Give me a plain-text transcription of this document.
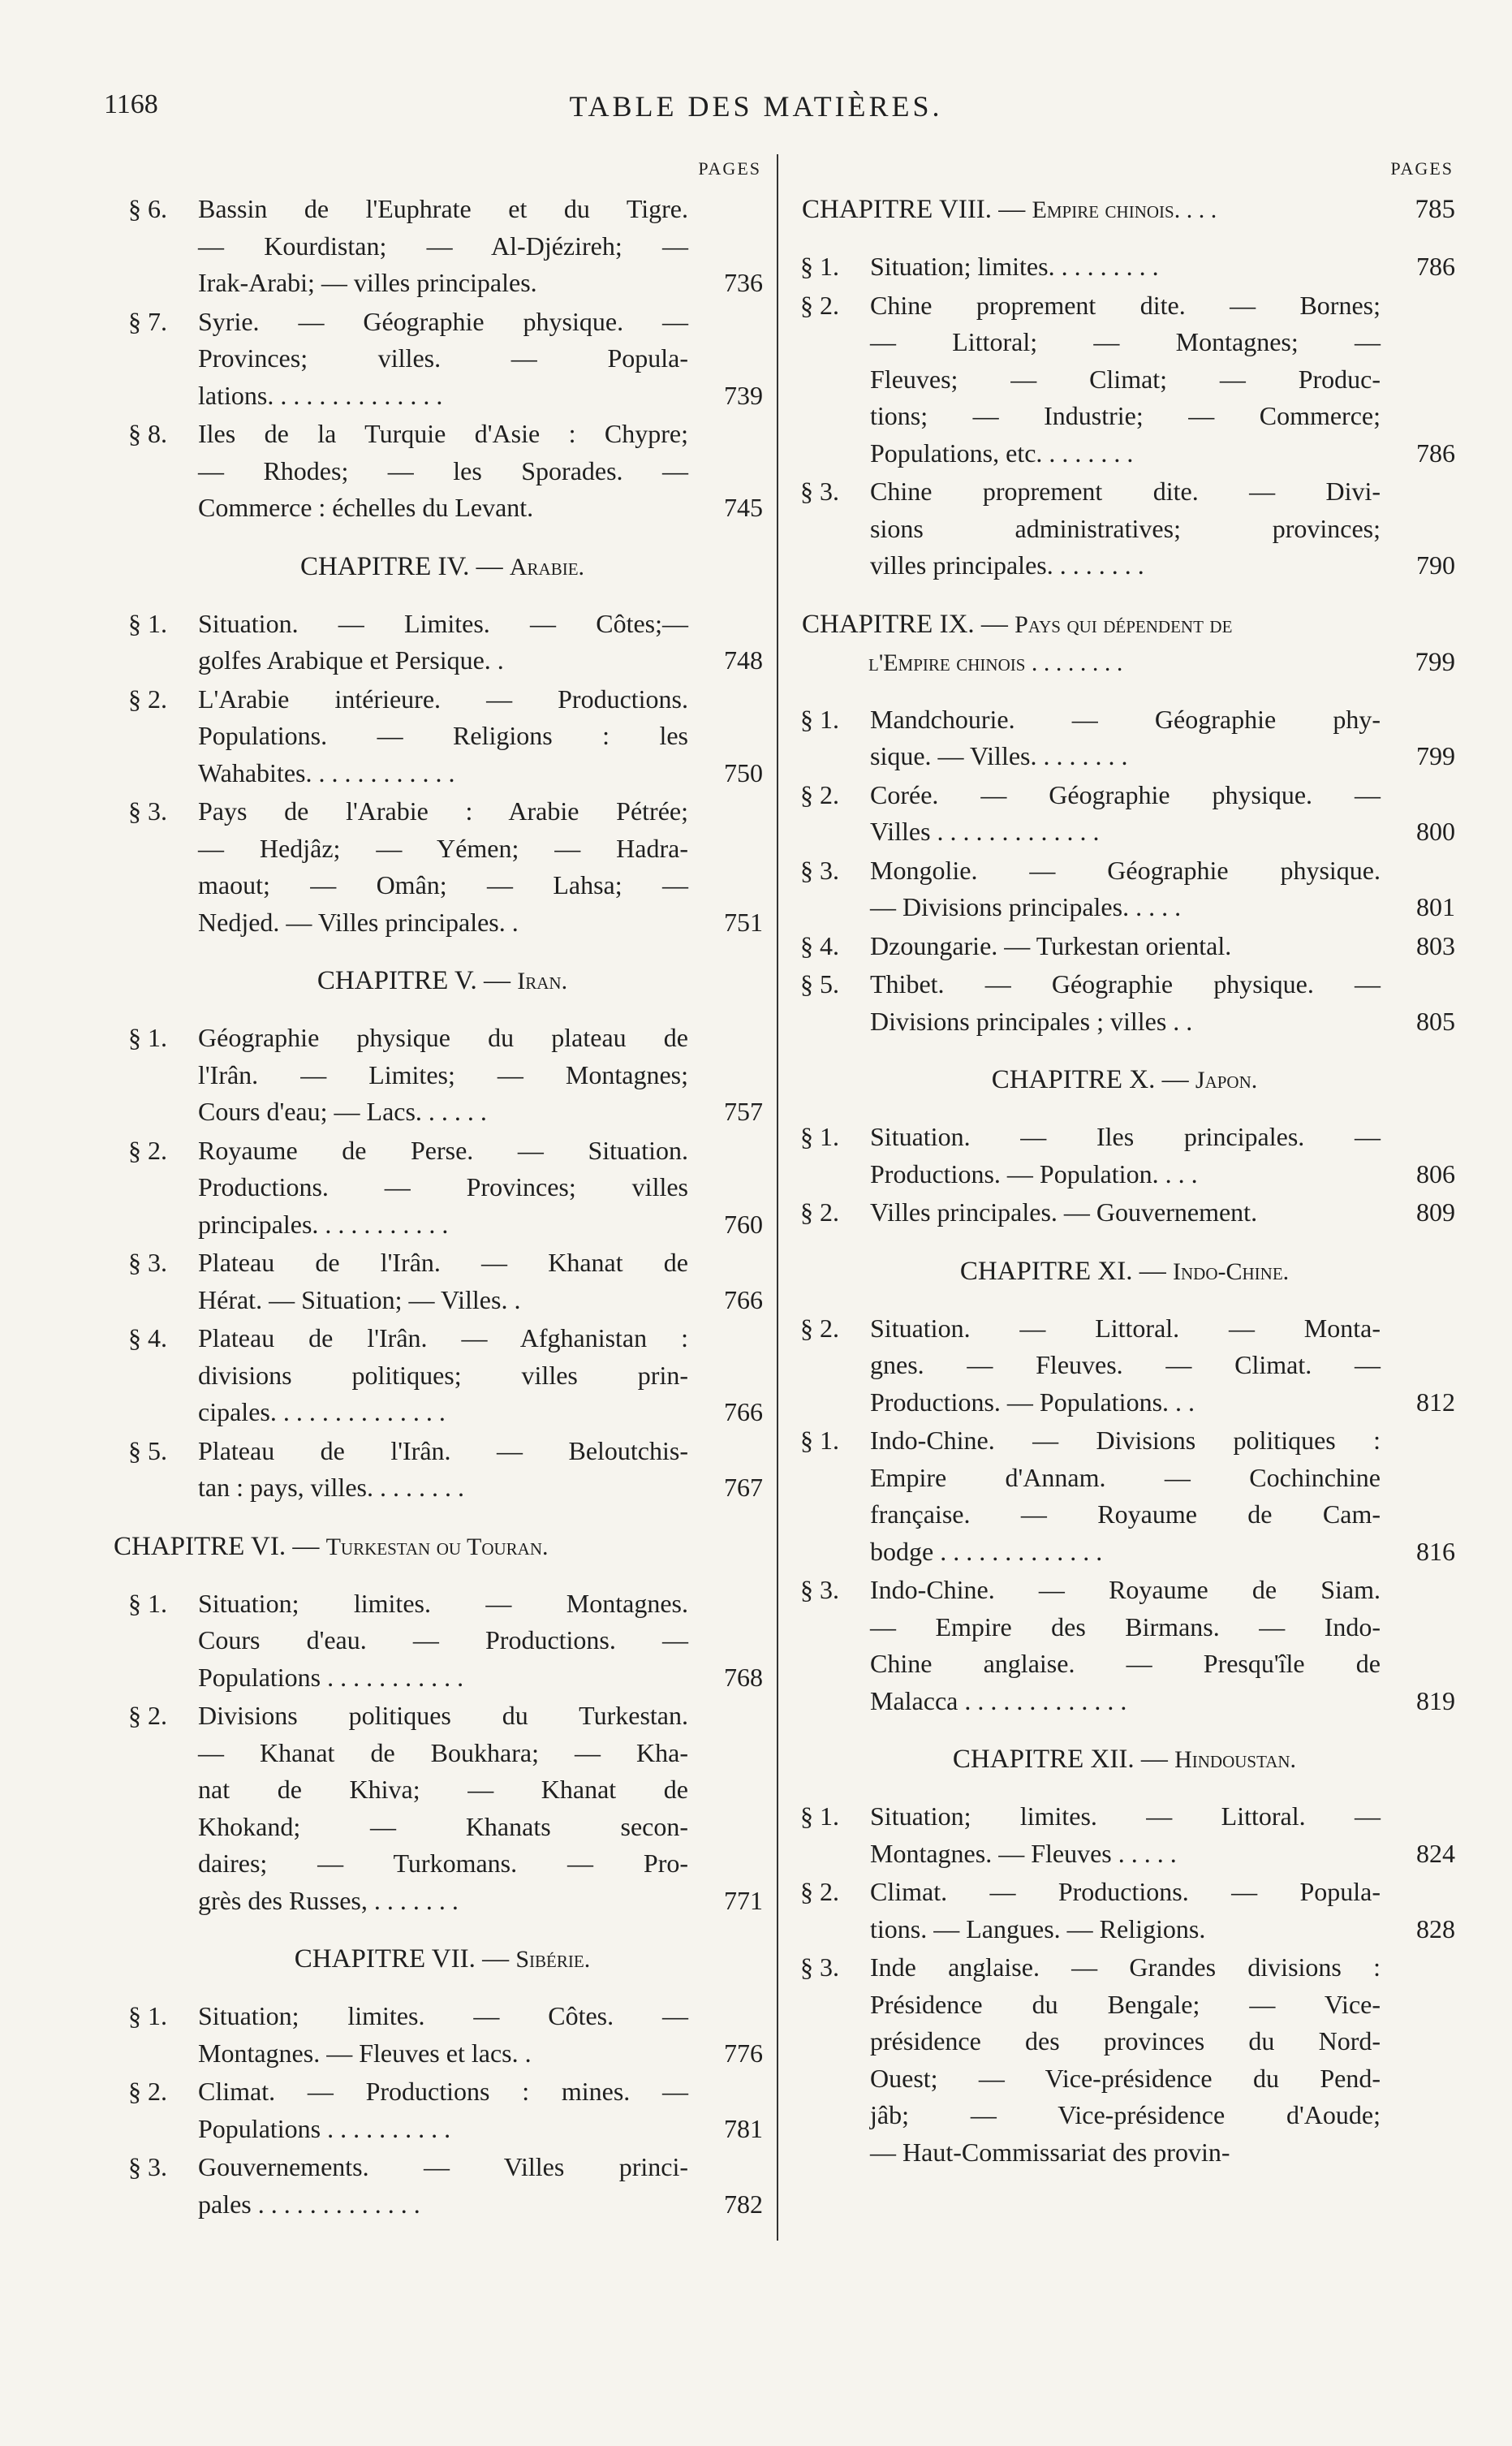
1168	TABLE DES MATIÈRES.
PAGES
§ 6. Bassin de l'Euphrate et du Tigre.
— Kourdistan; — Al-Djézireh; —
Irak-Arabi; — villes principales.	736
§ 7. Syrie. — Géographie physique. —
Provinces; villes. — Popula-
lations. . . . . . . . . . . . . .	739
§ 8. Iles de la Turquie d'Asie : Chypre;
— Rhodes; — les Sporades. —
Commerce : échelles du Levant.	745
CHAPITRE IV. — Arabie.
§ 1. Situation. — Limites. — Côtes;—
golfes Arabique et Persique. .	748
§ 2. L'Arabie intérieure. — Productions.
Populations. — Religions : les
Wahabites. . . . . . . . . . . .	750
§ 3. Pays de l'Arabie : Arabie Pétrée;
— Hedjâz; — Yémen; — Hadra-
maout; — Omân; — Lahsa; —
Nedjed. — Villes principales. .	751
CHAPITRE V. — Iran.
§ 1. Géographie physique du plateau de
l'Irân. — Limites; — Montagnes;
Cours d'eau; — Lacs. . . . . .	757
§ 2. Royaume de Perse. — Situation.
Productions. — Provinces; villes
principales. . . . . . . . . . .	760
§ 3. Plateau de l'Irân. — Khanat de
Hérat. — Situation; — Villes. .	766
§ 4. Plateau de l'Irân. — Afghanistan :
divisions politiques; villes prin-
cipales. . . . . . . . . . . . . .	766
§ 5. Plateau de l'Irân. — Beloutchis-
tan : pays, villes. . . . . . . .	767
CHAPITRE VI. — Turkestan ou Touran.
§ 1. Situation; limites. — Montagnes.
Cours d'eau. — Productions. —
Populations . . . . . . . . . . .	768
§ 2. Divisions politiques du Turkestan.
— Khanat de Boukhara; — Kha-
nat de Khiva; — Khanat de
Khokand; — Khanats secon-
daires; — Turkomans. — Pro-
grès des Russes, . . . . . . .	771
CHAPITRE VII. — Sibérie.
§ 1. Situation; limites. — Côtes. —
Montagnes. — Fleuves et lacs. .	776
§ 2. Climat. — Productions : mines. —
Populations . . . . . . . . . .	781
§ 3. Gouvernements. — Villes princi-
pales . . . . . . . . . . . . .	782
PAGES
CHAPITRE VIII. — Empire chinois. . . .	785
§ 1. Situation; limites. . . . . . . . .	786
§ 2. Chine proprement dite. — Bornes;
— Littoral; — Montagnes; —
Fleuves; — Climat; — Produc-
tions; — Industrie; — Commerce;
Populations, etc. . . . . . . .	786
§ 3. Chine proprement dite. — Divi-
sions administratives; provinces;
villes principales. . . . . . . .	790
CHAPITRE IX. — Pays qui dépendent de
l'Empire chinois . . . . . . . .	799
§ 1. Mandchourie. — Géographie phy-
sique. — Villes. . . . . . . .	799
§ 2. Corée. — Géographie physique. —
Villes . . . . . . . . . . . . .	800
§ 3. Mongolie. — Géographie physique.
— Divisions principales. . . . .	801
§ 4. Dzoungarie. — Turkestan oriental.	803
§ 5. Thibet. — Géographie physique. —
Divisions principales ; villes . .	805
CHAPITRE X. — Japon.
§ 1. Situation. — Iles principales. —
Productions. — Population. . . .	806
§ 2. Villes principales. — Gouvernement.	809
CHAPITRE XI. — Indo-Chine.
§ 2. Situation. — Littoral. — Monta-
gnes. — Fleuves. — Climat. —
Productions. — Populations. . .	812
§ 1. Indo-Chine. — Divisions politiques :
Empire d'Annam. — Cochinchine
française. — Royaume de Cam-
bodge . . . . . . . . . . . . .	816
§ 3. Indo-Chine. — Royaume de Siam.
— Empire des Birmans. — Indo-
Chine anglaise. — Presqu'île de
Malacca . . . . . . . . . . . . .	819
CHAPITRE XII. — Hindoustan.
§ 1. Situation; limites. — Littoral. —
Montagnes. — Fleuves . . . . .	824
§ 2. Climat. — Productions. — Popula-
tions. — Langues. — Religions.	828
§ 3. Inde anglaise. — Grandes divisions :
Présidence du Bengale; — Vice-
présidence des provinces du Nord-
Ouest; — Vice-présidence du Pend-
jâb; — Vice-présidence d'Aoude;
— Haut-Commissariat des provin-
